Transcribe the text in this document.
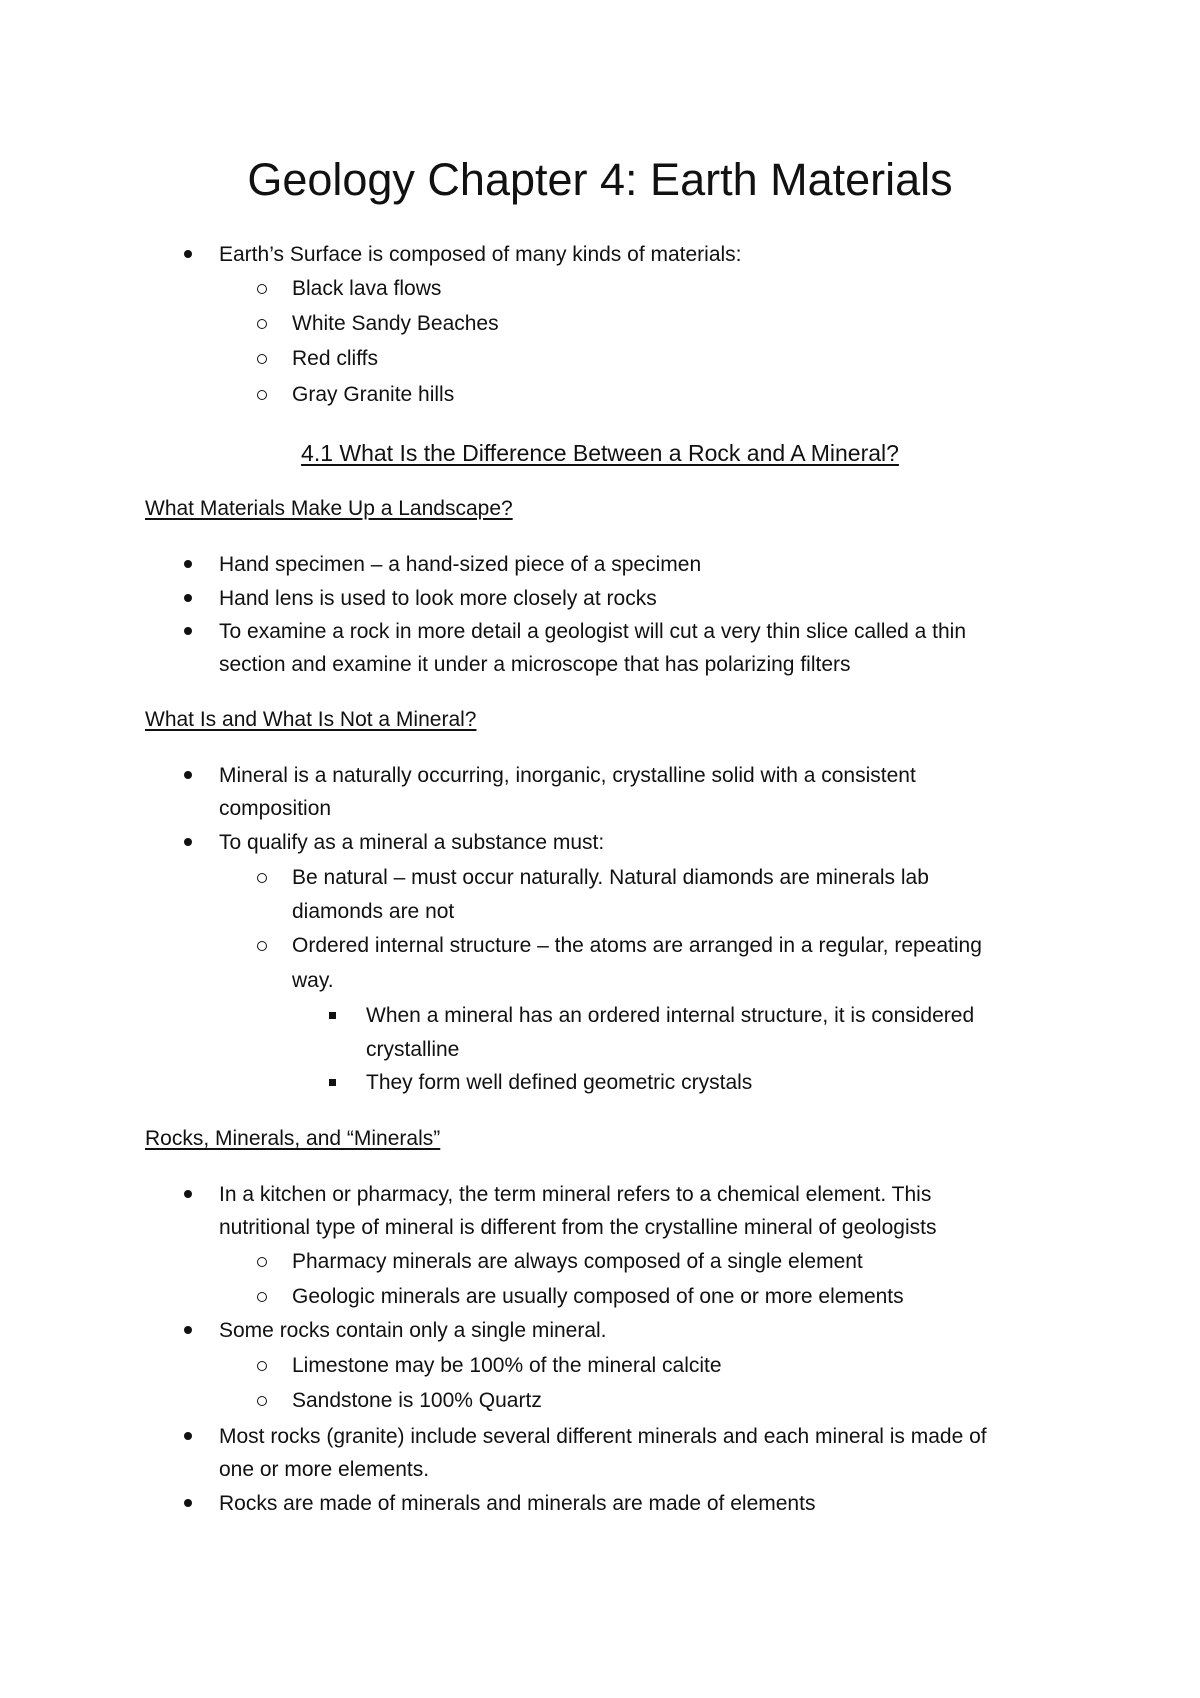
Geology Chapter 4: Earth Materials
Earth’s Surface is composed of many kinds of materials:
Black lava flows
White Sandy Beaches
Red cliffs
Gray Granite hills
4.1 What Is the Difference Between a Rock and A Mineral?
What Materials Make Up a Landscape?
Hand specimen – a hand-sized piece of a specimen
Hand lens is used to look more closely at rocks
To examine a rock in more detail a geologist will cut a very thin slice called a thin
section and examine it under a microscope that has polarizing filters
What Is and What Is Not a Mineral?
Mineral is a naturally occurring, inorganic, crystalline solid with a consistent
composition
To qualify as a mineral a substance must:
Be natural – must occur naturally. Natural diamonds are minerals lab
diamonds are not
Ordered internal structure – the atoms are arranged in a regular, repeating
way.
When a mineral has an ordered internal structure, it is considered
crystalline
They form well defined geometric crystals
Rocks, Minerals, and “Minerals”
In a kitchen or pharmacy, the term mineral refers to a chemical element. This
nutritional type of mineral is different from the crystalline mineral of geologists
Pharmacy minerals are always composed of a single element
Geologic minerals are usually composed of one or more elements
Some rocks contain only a single mineral.
Limestone may be 100% of the mineral calcite
Sandstone is 100% Quartz
Most rocks (granite) include several different minerals and each mineral is made of
one or more elements.
Rocks are made of minerals and minerals are made of elements
